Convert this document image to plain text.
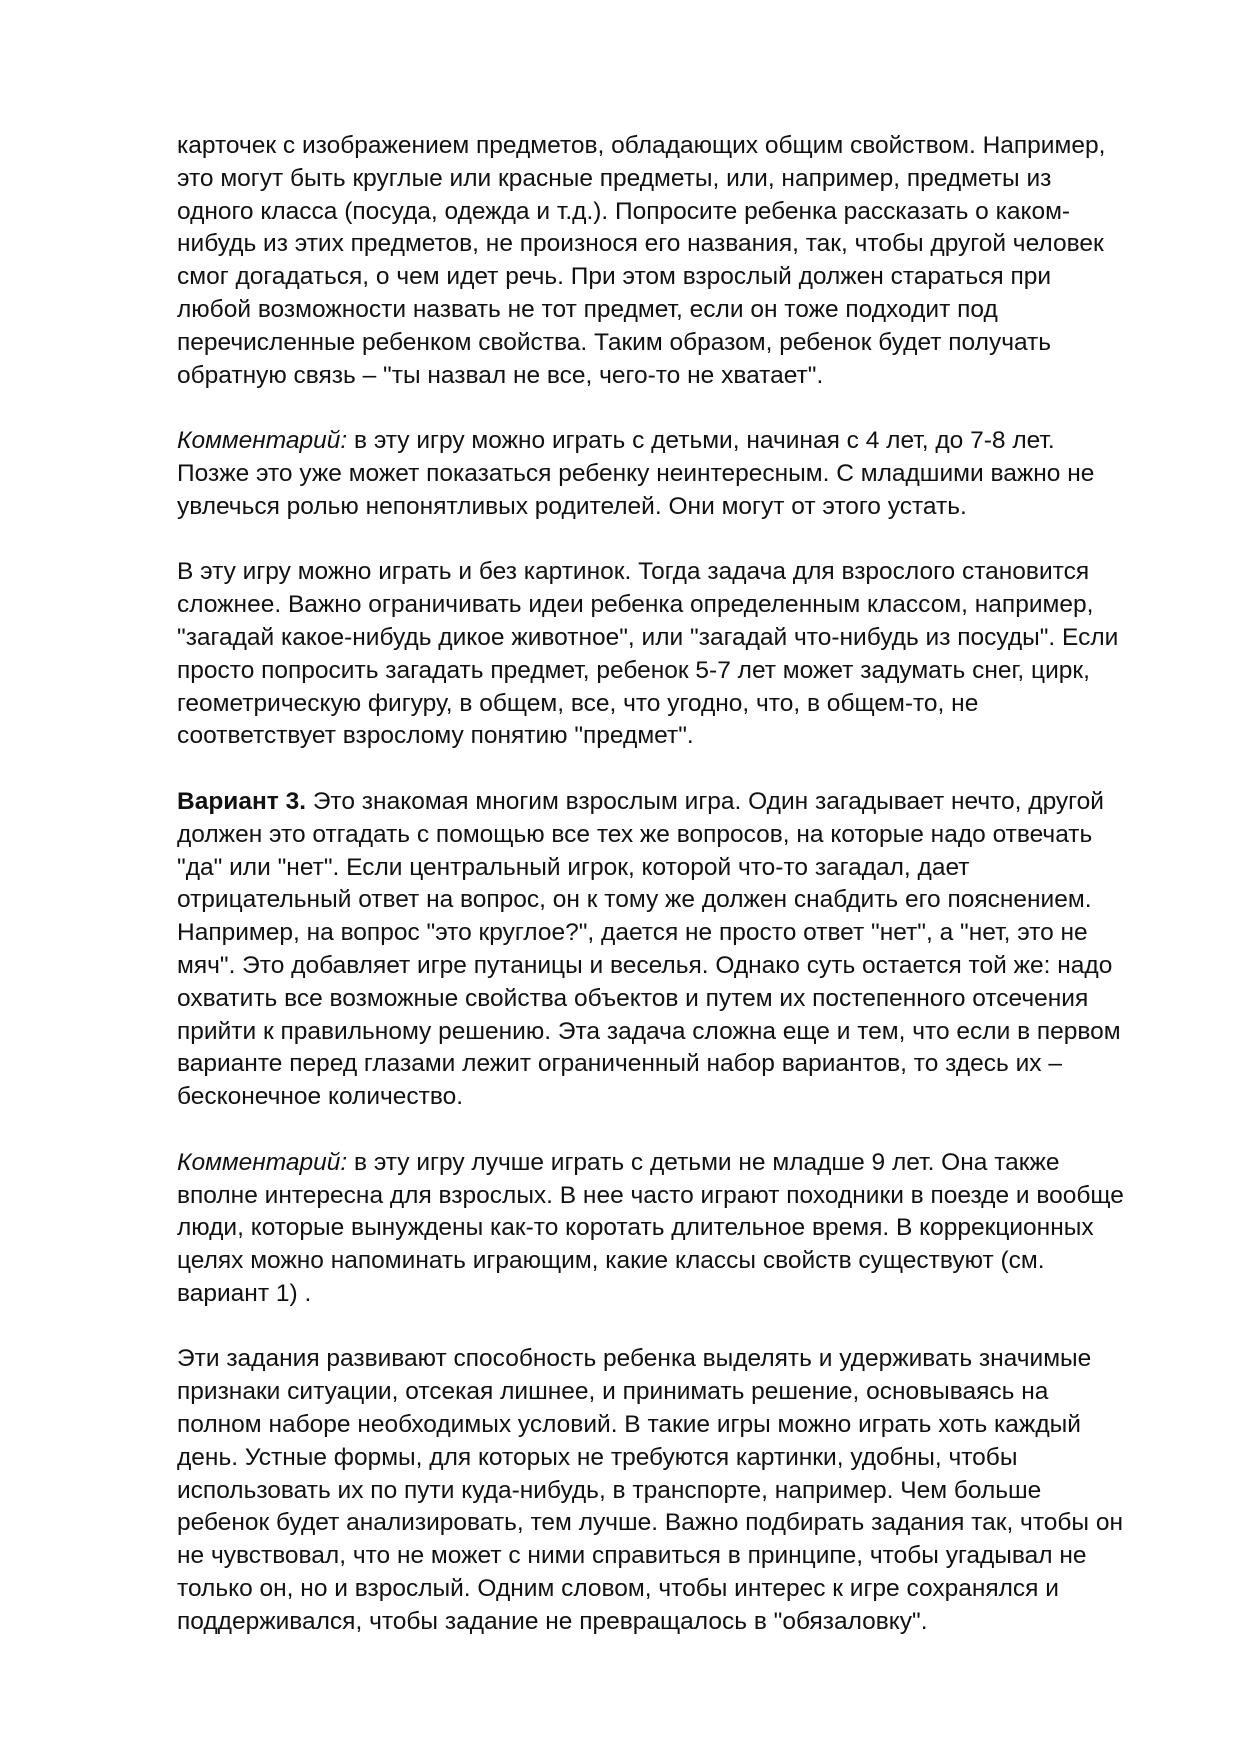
карточек с изображением предметов, обладающих общим свойством. Например,
это могут быть круглые или красные предметы, или, например, предметы из
одного класса (посуда, одежда и т.д.). Попросите ребенка рассказать о каком-
нибудь из этих предметов, не произнося его названия, так, чтобы другой человек
смог догадаться, о чем идет речь. При этом взрослый должен стараться при
любой возможности назвать не тот предмет, если он тоже подходит под
перечисленные ребенком свойства. Таким образом, ребенок будет получать
обратную связь – "ты назвал не все, чего-то не хватает".

Комментарий: в эту игру можно играть с детьми, начиная с 4 лет, до 7-8 лет.
Позже это уже может показаться ребенку неинтересным. С младшими важно не
увлечься ролью непонятливых родителей. Они могут от этого устать.

В эту игру можно играть и без картинок. Тогда задача для взрослого становится
сложнее. Важно ограничивать идеи ребенка определенным классом, например,
"загадай какое-нибудь дикое животное", или "загадай что-нибудь из посуды". Если
просто попросить загадать предмет, ребенок 5-7 лет может задумать снег, цирк,
геометрическую фигуру, в общем, все, что угодно, что, в общем-то, не
соответствует взрослому понятию "предмет".

Вариант 3. Это знакомая многим взрослым игра. Один загадывает нечто, другой
должен это отгадать с помощью все тех же вопросов, на которые надо отвечать
"да" или "нет". Если центральный игрок, которой что-то загадал, дает
отрицательный ответ на вопрос, он к тому же должен снабдить его пояснением.
Например, на вопрос "это круглое?", дается не просто ответ "нет", а "нет, это не
мяч". Это добавляет игре путаницы и веселья. Однако суть остается той же: надо
охватить все возможные свойства объектов и путем их постепенного отсечения
прийти к правильному решению. Эта задача сложна еще и тем, что если в первом
варианте перед глазами лежит ограниченный набор вариантов, то здесь их –
бесконечное количество.

Комментарий: в эту игру лучше играть с детьми не младше 9 лет. Она также
вполне интересна для взрослых. В нее часто играют походники в поезде и вообще
люди, которые вынуждены как-то коротать длительное время. В коррекционных
целях можно напоминать играющим, какие классы свойств существуют (см.
вариант 1) .

Эти задания развивают способность ребенка выделять и удерживать значимые
признаки ситуации, отсекая лишнее, и принимать решение, основываясь на
полном наборе необходимых условий. В такие игры можно играть хоть каждый
день. Устные формы, для которых не требуются картинки, удобны, чтобы
использовать их по пути куда-нибудь, в транспорте, например. Чем больше
ребенок будет анализировать, тем лучше. Важно подбирать задания так, чтобы он
не чувствовал, что не может с ними справиться в принципе, чтобы угадывал не
только он, но и взрослый. Одним словом, чтобы интерес к игре сохранялся и
поддерживался, чтобы задание не превращалось в "обязаловку".
